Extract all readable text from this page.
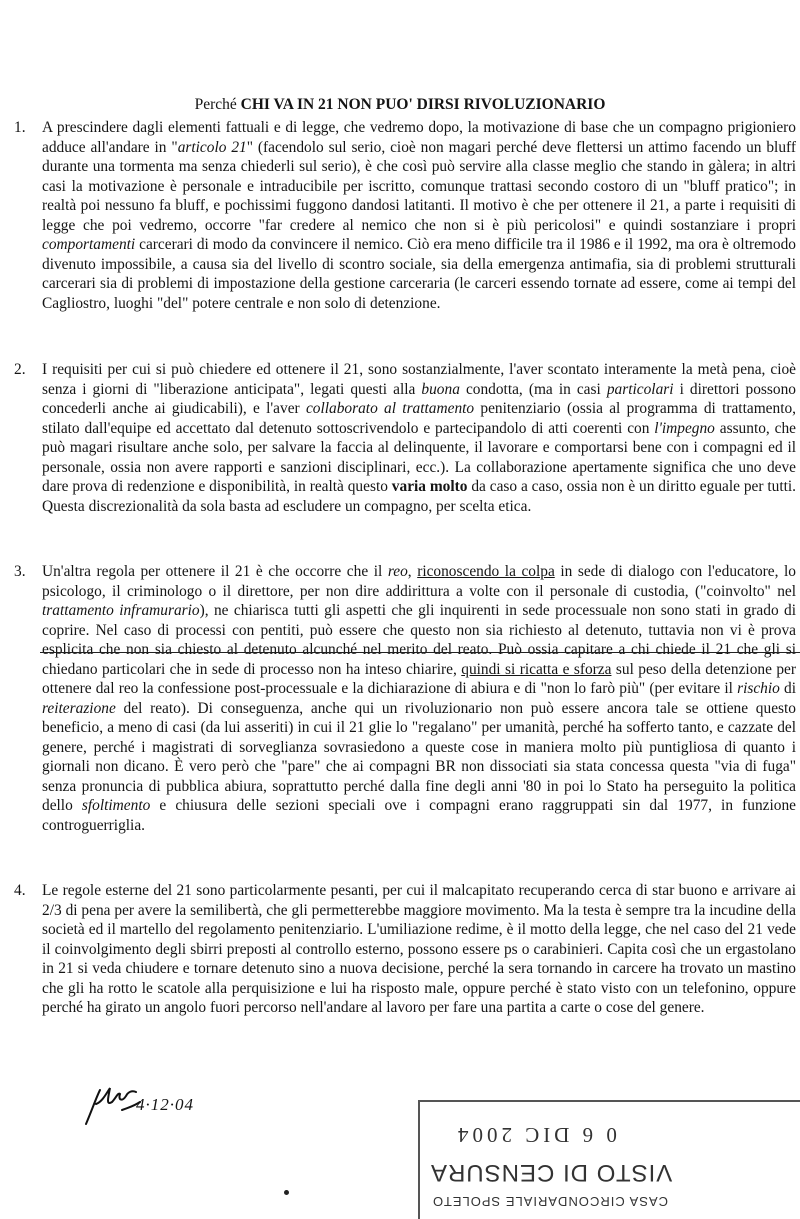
Perché CHI VA IN 21 NON PUO' DIRSI RIVOLUZIONARIO
1.	A prescindere dagli elementi fattuali e di legge, che vedremo dopo, la motivazione di base che un compagno prigioniero adduce all'andare in "articolo 21" (facendolo sul serio, cioè non magari perché deve flettersi un attimo facendo un bluff durante una tormenta ma senza chiederli sul serio), è che così può servire alla classe meglio che stando in gàlera; in altri casi la motivazione è personale e intraducibile per iscritto, comunque trattasi secondo costoro di un "bluff pratico"; in realtà poi nessuno fa bluff, e pochissimi fuggono dandosi latitanti. Il motivo è che per ottenere il 21, a parte i requisiti di legge che poi vedremo, occorre "far credere al nemico che non si è più pericolosi" e quindi sostanziare i propri comportamenti carcerari di modo da convincere il nemico. Ciò era meno difficile tra il 1986 e il 1992, ma ora è oltremodo divenuto impossibile, a causa sia del livello di scontro sociale, sia della emergenza antimafia, sia di problemi strutturali carcerari sia di problemi di impostazione della gestione carceraria (le carceri essendo tornate ad essere, come ai tempi del Cagliostro, luoghi "del" potere centrale e non solo di detenzione.

2.	I requisiti per cui si può chiedere ed ottenere il 21, sono sostanzialmente, l'aver scontato interamente la metà pena, cioè senza i giorni di "liberazione anticipata", legati questi alla buona condotta, (ma in casi particolari i direttori possono concederli anche ai giudicabili), e l'aver collaborato al trattamento penitenziario (ossia al programma di trattamento, stilato dall'equipe ed accettato dal detenuto sottoscrivendolo e partecipandolo di atti coerenti con l'impegno assunto, che può magari risultare anche solo, per salvare la faccia al delinquente, il lavorare e comportarsi bene con i compagni ed il personale, ossia non avere rapporti e sanzioni disciplinari, ecc.). La collaborazione apertamente significa che uno deve dare prova di redenzione e disponibilità, in realtà questo varia molto da caso a caso, ossia non è un diritto eguale per tutti. Questa discrezionalità da sola basta ad escludere un compagno, per scelta etica.

3.	Un'altra regola per ottenere il 21 è che occorre che il reo, riconoscendo la colpa in sede di dialogo con l'educatore, lo psicologo, il criminologo o il direttore, per non dire addirittura a volte con il personale di custodia, ("coinvolto" nel trattamento inframurario), ne chiarisca tutti gli aspetti che gli inquirenti in sede processuale non sono stati in grado di coprire. Nel caso di processi con pentiti, può essere che questo non sia richiesto al detenuto, tuttavia non vi è prova esplicita che non sia chiesto al detenuto alcunché nel merito del reato. Può ossia capitare a chi chiede il 21 che gli si chiedano particolari che in sede di processo non ha inteso chiarire, quindi si ricatta e sforza sul peso della detenzione per ottenere dal reo la confessione post-processuale e la dichiarazione di abiura e di "non lo farò più" (per evitare il rischio di reiterazione del reato). Di conseguenza, anche qui un rivoluzionario non può essere ancora tale se ottiene questo beneficio, a meno di casi (da lui asseriti) in cui il 21 glie lo "regalano" per umanità, perché ha sofferto tanto, e cazzate del genere, perché i magistrati di sorveglianza sovrasiedono a queste cose in maniera molto più puntigliosa di quanto i giornali non dicano. È vero però che "pare" che ai compagni BR non dissociati sia stata concessa questa "via di fuga" senza pronuncia di pubblica abiura, soprattutto perché dalla fine degli anni '80 in poi lo Stato ha perseguito la politica dello sfoltimento e chiusura delle sezioni speciali ove i compagni erano raggruppati sin dal 1977, in funzione controguerriglia.

4.	Le regole esterne del 21 sono particolarmente pesanti, per cui il malcapitato recuperando cerca di star buono e arrivare ai 2/3 di pena per avere la semilibertà, che gli permetterebbe maggiore movimento. Ma la testa è sempre tra la incudine della società ed il martello del regolamento penitenziario. L'umiliazione redime, è il motto della legge, che nel caso del 21 vede il coinvolgimento degli sbirri preposti al controllo esterno, possono essere ps o carabinieri. Capita così che un ergastolano in 21 si veda chiudere e tornare detenuto sino a nuova decisione, perché la sera tornando in carcere ha trovato un mastino che gli ha rotto le scatole alla perquisizione e lui ha risposto male, oppure perché è stato visto con un telefonino, oppure perché ha girato un angolo fuori percorso nell'andare al lavoro per fare una partita a carte o cose del genere.

4·12·04
0 6 DIC 2004
VISTO DI CENSURA
CASA CIRCONDARIALE SPOLETO
